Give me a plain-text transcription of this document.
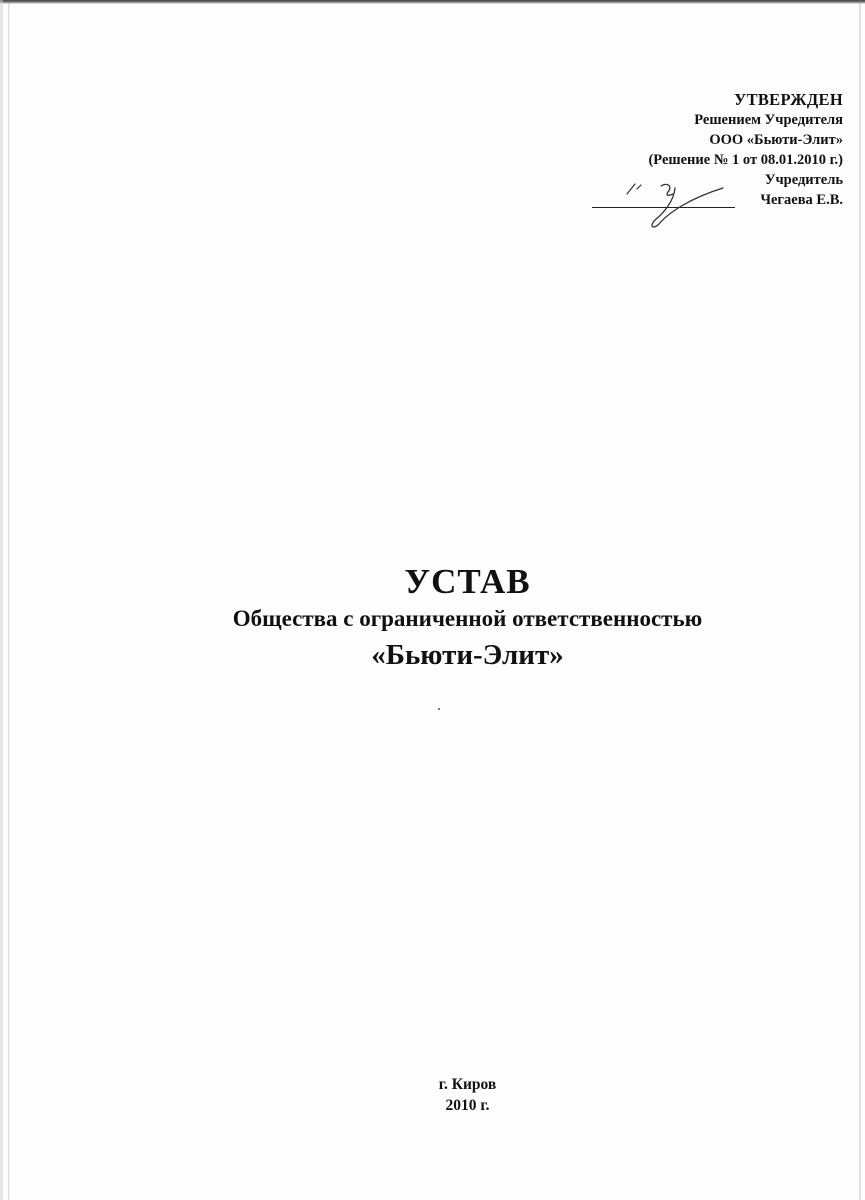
УТВЕРЖДЕН
Решением Учредителя
ООО «Бьюти-Элит»
(Решение № 1 от 08.01.2010 г.)
Учредитель
Чегаева Е.В.
УСТАВ
Общества с ограниченной ответственностью
«Бьюти-Элит»
г. Киров
2010 г.
